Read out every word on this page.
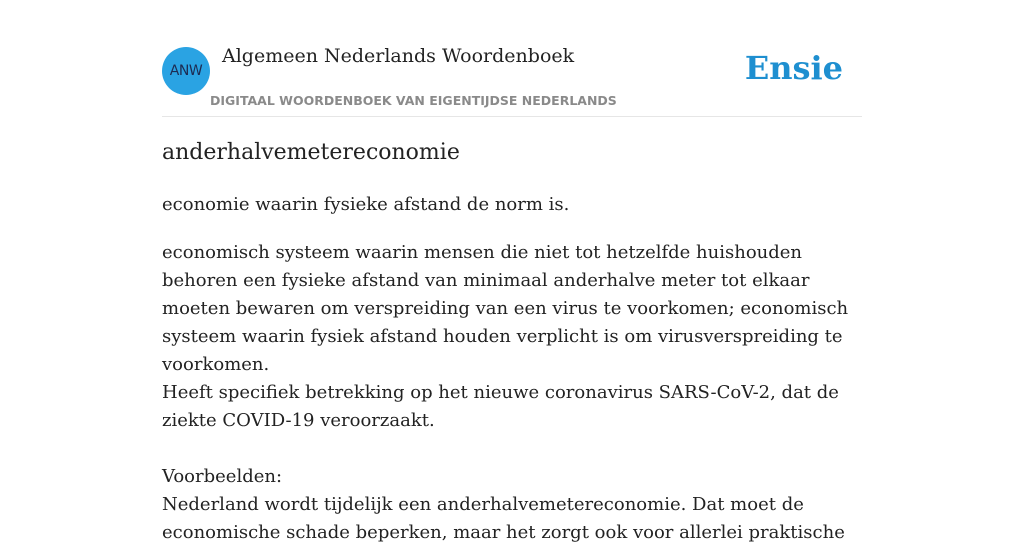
ANW
Algemeen Nederlands Woordenboek
DIGITAAL WOORDENBOEK VAN EIGENTIJDSE NEDERLANDS
Ensie
anderhalvemetereconomie
economie waarin fysieke afstand de norm is.

economisch systeem waarin mensen die niet tot hetzelfde huishouden behoren een fysieke afstand van minimaal anderhalve meter tot elkaar moeten bewaren om verspreiding van een virus te voorkomen; economisch systeem waarin fysiek afstand houden verplicht is om virusverspreiding te voorkomen.

Heeft specifiek betrekking op het nieuwe coronavirus SARS-CoV-2, dat de ziekte COVID-19 veroorzaakt.

Voorbeelden:

Nederland wordt tijdelijk een anderhalvemetereconomie. Dat moet de economische schade beperken, maar het zorgt ook voor allerlei praktische
